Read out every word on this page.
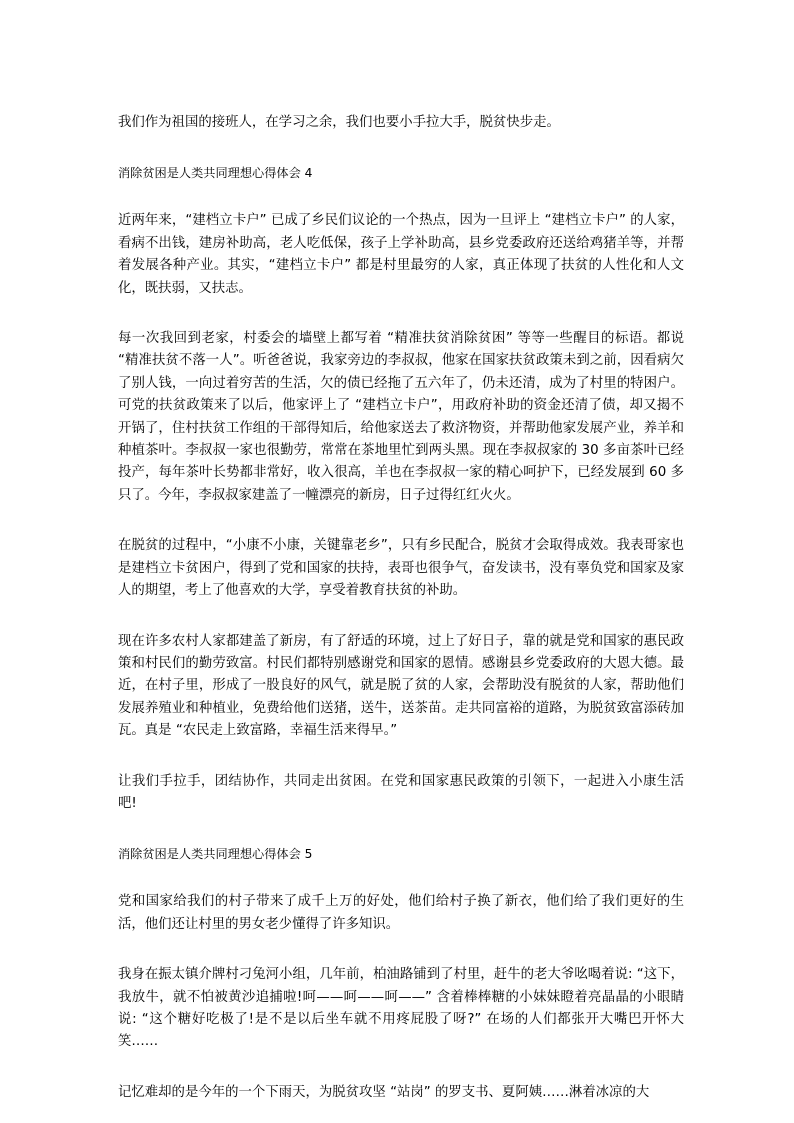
我们作为祖国的接班人，在学习之余，我们也要小手拉大手，脱贫快步走。

消除贫困是人类共同理想心得体会 4

近两年来，“建档立卡户” 已成了乡民们议论的一个热点，因为一旦评上 “建档立卡户” 的人家，看病不出钱，建房补助高，老人吃低保，孩子上学补助高，县乡党委政府还送给鸡猪羊等，并帮着发展各种产业。其实，“建档立卡户” 都是村里最穷的人家，真正体现了扶贫的人性化和人文化，既扶弱，又扶志。

每一次我回到老家，村委会的墙壁上都写着 “精准扶贫消除贫困” 等等一些醒目的标语。都说 “精准扶贫不落一人”。听爸爸说，我家旁边的李叔叔，他家在国家扶贫政策未到之前，因看病欠了别人钱，一向过着穷苦的生活，欠的债已经拖了五六年了，仍未还清，成为了村里的特困户。可党的扶贫政策来了以后，他家评上了 “建档立卡户”，用政府补助的资金还清了债，却又揭不开锅了，住村扶贫工作组的干部得知后，给他家送去了救济物资，并帮助他家发展产业，养羊和种植茶叶。李叔叔一家也很勤劳，常常在茶地里忙到两头黑。现在李叔叔家的 30 多亩茶叶已经投产，每年茶叶长势都非常好，收入很高，羊也在李叔叔一家的精心呵护下，已经发展到 60 多只了。今年，李叔叔家建盖了一幢漂亮的新房，日子过得红红火火。

在脱贫的过程中，“小康不小康，关键靠老乡”，只有乡民配合，脱贫才会取得成效。我表哥家也是建档立卡贫困户，得到了党和国家的扶持，表哥也很争气，奋发读书，没有辜负党和国家及家人的期望，考上了他喜欢的大学，享受着教育扶贫的补助。

现在许多农村人家都建盖了新房，有了舒适的环境，过上了好日子，靠的就是党和国家的惠民政策和村民们的勤劳致富。村民们都特别感谢党和国家的恩情。感谢县乡党委政府的大恩大德。最近，在村子里，形成了一股良好的风气，就是脱了贫的人家，会帮助没有脱贫的人家，帮助他们发展养殖业和种植业，免费给他们送猪，送牛，送茶苗。走共同富裕的道路，为脱贫致富添砖加瓦。真是 “农民走上致富路，幸福生活来得早。”

让我们手拉手，团结协作，共同走出贫困。在党和国家惠民政策的引领下，一起进入小康生活吧!

消除贫困是人类共同理想心得体会 5

党和国家给我们的村子带来了成千上万的好处，他们给村子换了新衣，他们给了我们更好的生活，他们还让村里的男女老少懂得了许多知识。

我身在振太镇介牌村刁兔河小组，几年前，柏油路铺到了村里，赶牛的老大爷吆喝着说: “这下，我放牛，就不怕被黄沙追捕啦!呵——呵——呵——” 含着棒棒糖的小妹妹瞪着亮晶晶的小眼睛说: “这个糖好吃极了!是不是以后坐车就不用疼屁股了呀?” 在场的人们都张开大嘴巴开怀大笑……

记忆难却的是今年的一个下雨天，为脱贫攻坚 “站岗” 的罗支书、夏阿姨……淋着冰凉的大
